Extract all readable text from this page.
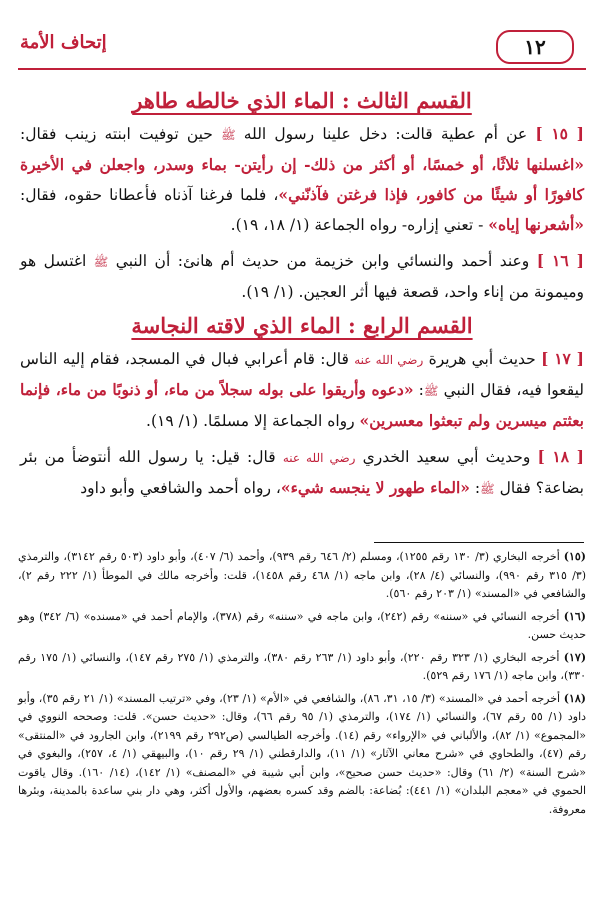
١٢
إتحاف الأمة
القسم الثالث : الماء الذي خالطه طاهر

[ ١٥ ] عن أم عطية قالت: دخل علينا رسول الله ﷺ حين توفيت ابنته زينب فقال: «اغسلنها ثلاثًا، أو خمسًا، أو أكثر من ذلك- إن رأيتن- بماء وسدر، واجعلن في الأخيرة كافورًا أو شيئًا من كافور، فإذا فرغتن فآذنّني»، فلما فرغنا آذناه فأعطانا حقوه، فقال: «أشعرنها إياه» - تعني إزاره- رواه الجماعة (١/ ١٨، ١٩).

[ ١٦ ] وعند أحمد والنسائي وابن خزيمة من حديث أم هانئ: أن النبي ﷺ اغتسل هو وميمونة من إناء واحد، قصعة فيها أثر العجين. (١/ ١٩).

القسم الرابع : الماء الذي لاقته النجاسة

[ ١٧ ] حديث أبي هريرة رضي الله عنه قال: قام أعرابي فبال في المسجد، فقام إليه الناس ليقعوا فيه، فقال النبي ﷺ: «دعوه وأريقوا على بوله سجلاً من ماء، أو ذنوبًا من ماء، فإنما بعثتم ميسرين ولم تبعثوا معسرين» رواه الجماعة إلا مسلمًا. (١/ ١٩).

[ ١٨ ] وحديث أبي سعيد الخدري رضي الله عنه قال: قيل: يا رسول الله أنتوضأ من بئر بضاعة؟ فقال ﷺ: «الماء طهور لا ينجسه شيء»، رواه أحمد والشافعي وأبو داود

(١٥) أخرجه البخاري (٣/ ١٣٠ رقم ١٢٥٥)، ومسلم (٢/ ٦٤٦ رقم ٩٣٩)، وأحمد (٦/ ٤٠٧)، وأبو داود (٥٠٣ رقم ٣١٤٢)، والترمذي (٣/ ٣١٥ رقم ٩٩٠)، والنسائي (٤/ ٢٨)، وابن ماجه (١/ ٤٦٨ رقم ١٤٥٨)، قلت: وأخرجه مالك في الموطأ (١/ ٢٢٢ رقم ٢)، والشافعي في «المسند» (١/ ٢٠٣ رقم ٥٦٠).

(١٦) أخرجه النسائي في «سننه» رقم (٢٤٢)، وابن ماجه في «سننه» رقم (٣٧٨)، والإمام أحمد في «مسنده» (٦/ ٣٤٢) وهو حديث حسن.

(١٧) أخرجه البخاري (١/ ٣٢٣ رقم ٢٢٠)، وأبو داود (١/ ٢٦٣ رقم ٣٨٠)، والترمذي (١/ ٢٧٥ رقم ١٤٧)، والنسائي (١/ ١٧٥ رقم ٣٣٠)، وابن ماجه (١/ ١٧٦ رقم ٥٢٩).

(١٨) أخرجه أحمد في «المسند» (٣/ ١٥، ٣١، ٨٦)، والشافعي في «الأم» (١/ ٢٣)، وفي «ترتيب المسند» (١/ ٢١ رقم ٣٥)، وأبو داود (١/ ٥٥ رقم ٦٧)، والنسائي (١/ ١٧٤)، والترمذي (١/ ٩٥ رقم ٦٦)، وقال: «حديث حسن». قلت: وصححه النووي في «المجموع» (١/ ٨٢)، والألباني في «الإرواء» رقم (١٤). وأخرجه الطيالسي (ص٢٩٢ رقم ٢١٩٩)، وابن الجارود في «المنتقى» رقم (٤٧)، والطحاوي في «شرح معاني الآثار» (١/ ١١)، والدارقطني (١/ ٢٩ رقم ١٠)، والبيهقي (١/ ٤، ٢٥٧)، والبغوي في «شرح السنة» (٢/ ٦١) وقال: «حديث حسن صحيح»، وابن أبي شيبة في «المصنف» (١/ ١٤٢)، (١٤/ ١٦٠). وقال ياقوت الحموي في «معجم البلدان» (١/ ٤٤١): بُضاعة: بالضم وقد كسره بعضهم، والأول أكثر، وهي دار بني ساعدة بالمدينة، وبئرها معروفة.
